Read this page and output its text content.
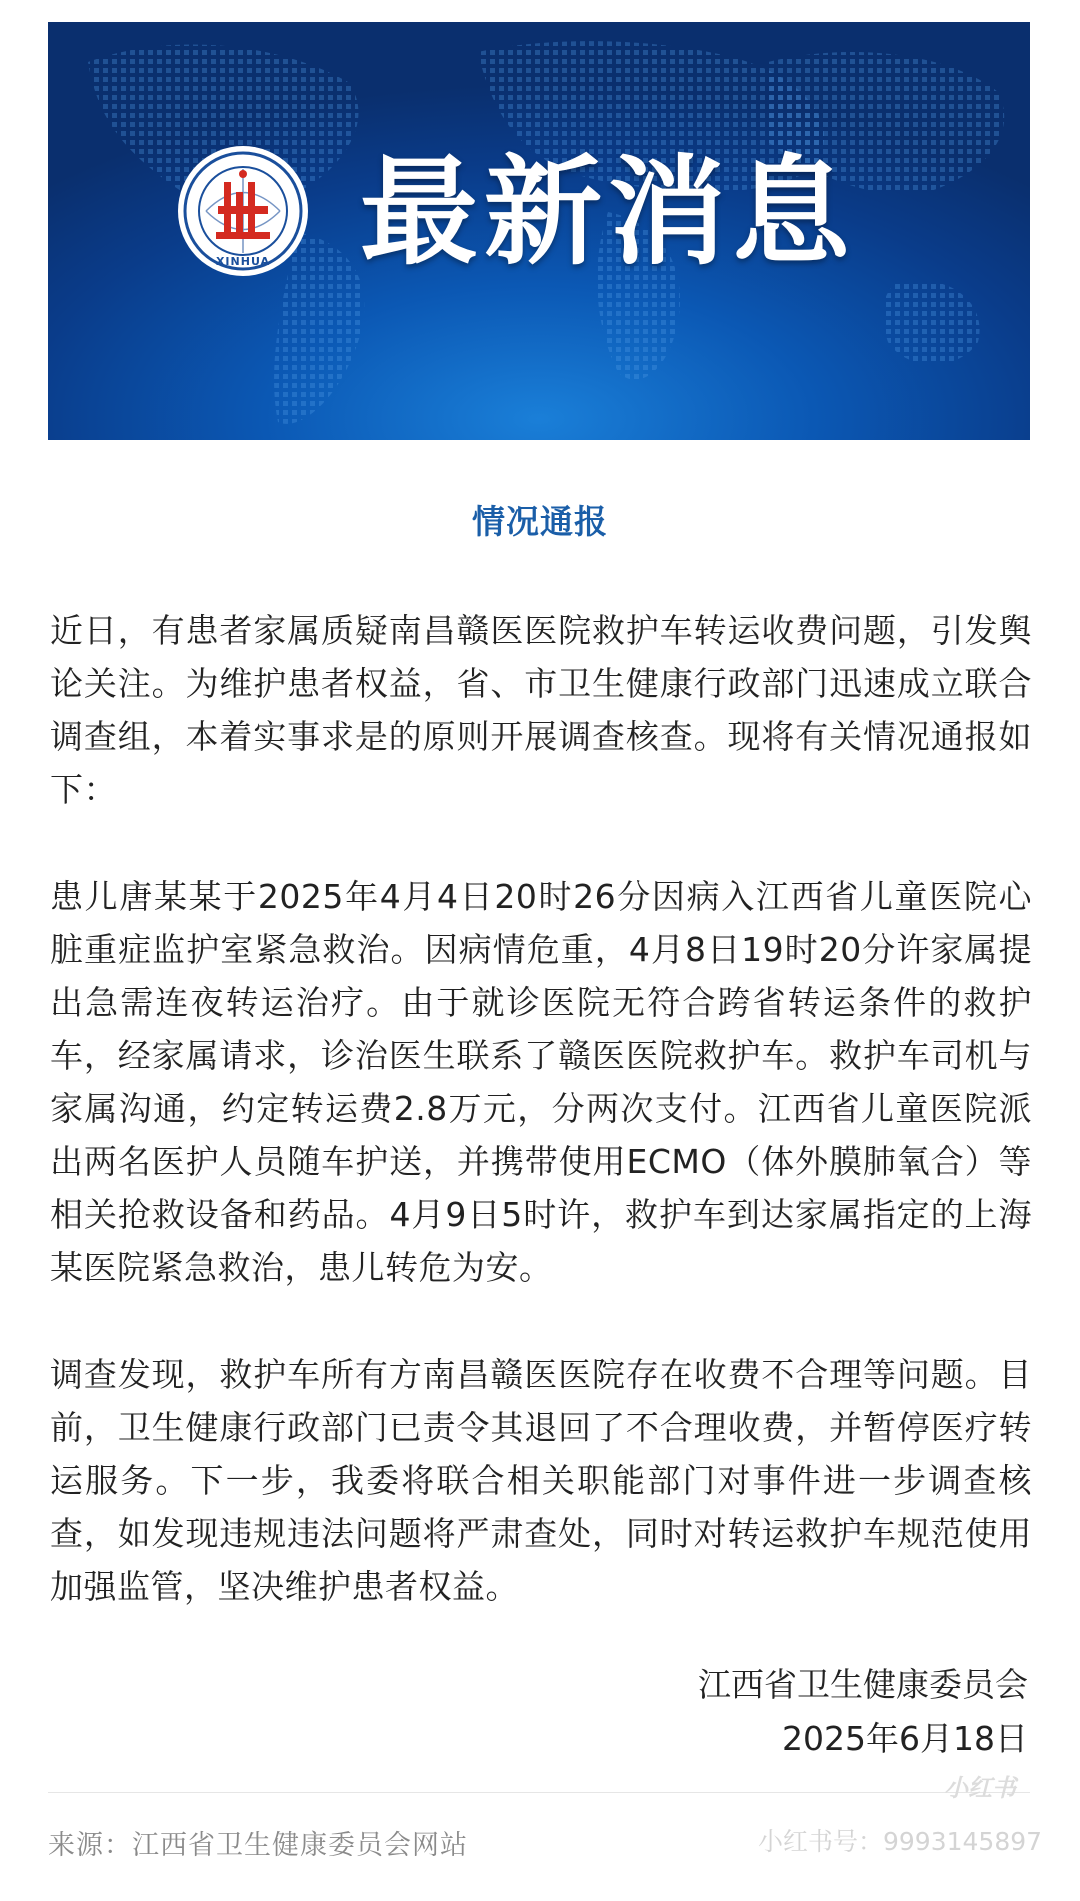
XINHUA 最新消息
情况通报

近日，有患者家属质疑南昌赣医医院救护车转运收费问题，引发舆论关注。为维护患者权益，省、市卫生健康行政部门迅速成立联合调查组，本着实事求是的原则开展调查核查。现将有关情况通报如下：

患儿唐某某于2025年4月4日20时26分因病入江西省儿童医院心脏重症监护室紧急救治。因病情危重，4月8日19时20分许家属提出急需连夜转运治疗。由于就诊医院无符合跨省转运条件的救护车，经家属请求，诊治医生联系了赣医医院救护车。救护车司机与家属沟通，约定转运费2.8万元，分两次支付。江西省儿童医院派出两名医护人员随车护送，并携带使用ECMO（体外膜肺氧合）等相关抢救设备和药品。4月9日5时许，救护车到达家属指定的上海某医院紧急救治，患儿转危为安。

调查发现，救护车所有方南昌赣医医院存在收费不合理等问题。目前，卫生健康行政部门已责令其退回了不合理收费，并暂停医疗转运服务。下一步，我委将联合相关职能部门对事件进一步调查核查，如发现违规违法问题将严肃查处，同时对转运救护车规范使用加强监管，坚决维护患者权益。

江西省卫生健康委员会
2025年6月18日
来源：江西省卫生健康委员会网站
小红书
小红书号：9993145897
